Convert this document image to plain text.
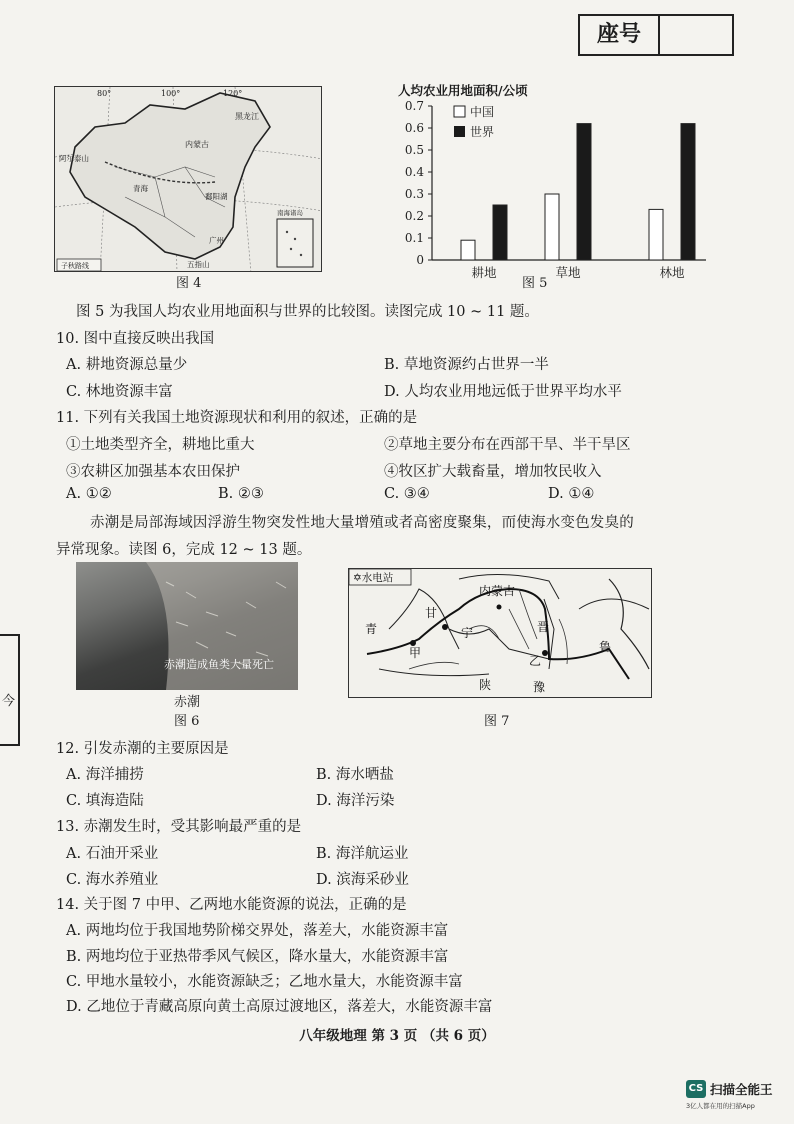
座号
今
80°	100°	120°
黑龙江
内蒙古
阿尔泰山
鄱阳湖
青海
广州
五指山
南海诸岛
子秋路线
图 4
人均农业用地面积/公顷
0
0.1
0.2
0.3
0.4
0.5
0.6
0.7
耕地	草地	林地
中国
世界
图 5
图 5 为我国人均农业用地面积与世界的比较图。读图完成 10 ~ 11 题。
10. 图中直接反映出我国
A. 耕地资源总量少	B. 草地资源约占世界一半
C. 林地资源丰富	D. 人均农业用地远低于世界平均水平
11. 下列有关我国土地资源现状和利用的叙述，正确的是
①土地类型齐全，耕地比重大	②草地主要分布在西部干旱、半干旱区
③农耕区加强基本农田保护	④牧区扩大载畜量，增加牧民收入
A. ①②	B. ②③	C. ③④	D. ①④
赤潮是局部海域因浮游生物突发性地大量增殖或者高密度聚集，而使海水变色发臭的
异常现象。读图 6，完成 12 ~ 13 题。
赤潮造成鱼类大量死亡
赤潮
图 6
✡水电站
内蒙古
甘
宁	晋
青
甲
乙
鲁
陕	豫
图 7
12. 引发赤潮的主要原因是
A. 海洋捕捞	B. 海水晒盐
C. 填海造陆	D. 海洋污染
13. 赤潮发生时，受其影响最严重的是
A. 石油开采业	B. 海洋航运业
C. 海水养殖业	D. 滨海采砂业
14. 关于图 7 中甲、乙两地水能资源的说法，正确的是
A. 两地均位于我国地势阶梯交界处，落差大，水能资源丰富
B. 两地均位于亚热带季风气候区，降水量大，水能资源丰富
C. 甲地水量较小，水能资源缺乏；乙地水量大，水能资源丰富
D. 乙地位于青藏高原向黄土高原过渡地区，落差大，水能资源丰富
八年级地理 第 3 页 （共 6 页）
CS 扫描全能王
3亿人都在用的扫描App
